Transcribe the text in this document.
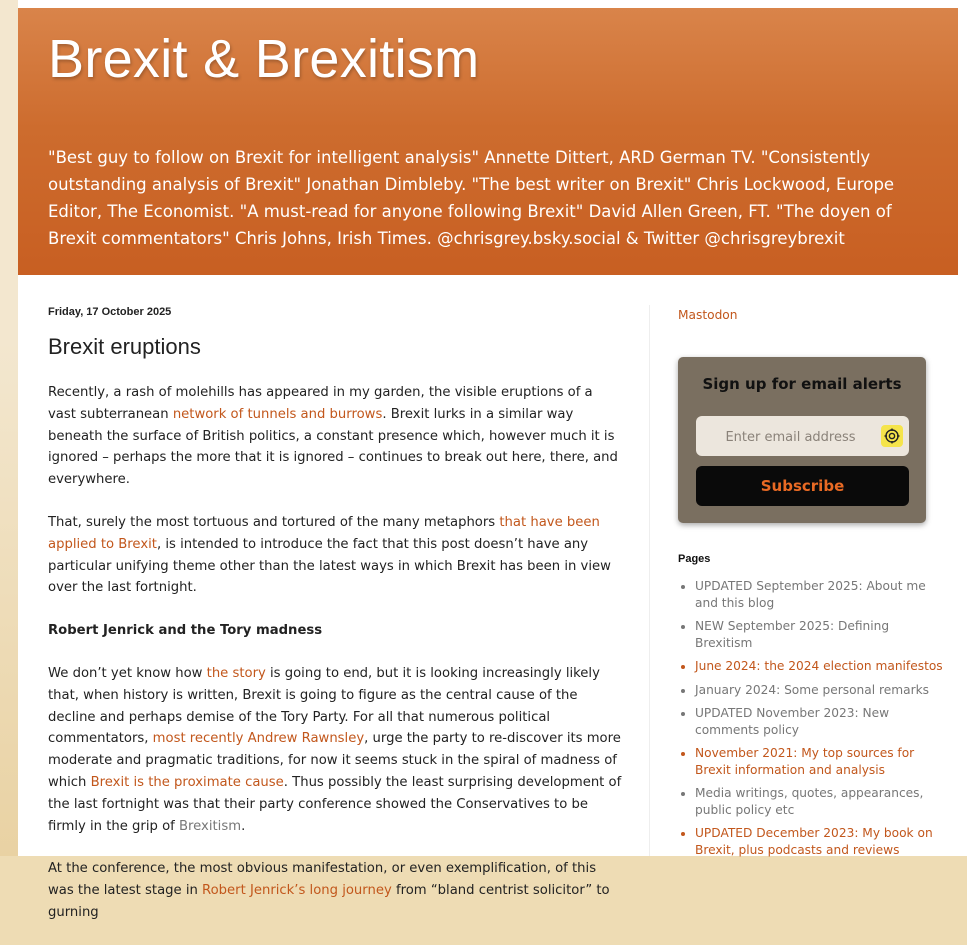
Brexit & Brexitism
"Best guy to follow on Brexit for intelligent analysis" Annette Dittert, ARD German TV. "Consistently outstanding analysis of Brexit" Jonathan Dimbleby. "The best writer on Brexit" Chris Lockwood, Europe Editor, The Economist. "A must-read for anyone following Brexit" David Allen Green, FT. "The doyen of Brexit commentators" Chris Johns, Irish Times. @chrisgrey.bsky.social & Twitter @chrisgreybrexit
Friday, 17 October 2025
Brexit eruptions

Recently, a rash of molehills has appeared in my garden, the visible eruptions of a vast subterranean network of tunnels and burrows. Brexit lurks in a similar way beneath the surface of British politics, a constant presence which, however much it is ignored – perhaps the more that it is ignored – continues to break out here, there, and everywhere.

That, surely the most tortuous and tortured of the many metaphors that have been applied to Brexit, is intended to introduce the fact that this post doesn’t have any particular unifying theme other than the latest ways in which Brexit has been in view over the last fortnight.

Robert Jenrick and the Tory madness

We don’t yet know how the story is going to end, but it is looking increasingly likely that, when history is written, Brexit is going to figure as the central cause of the decline and perhaps demise of the Tory Party. For all that numerous political commentators, most recently Andrew Rawnsley, urge the party to re-discover its more moderate and pragmatic traditions, for now it seems stuck in the spiral of madness of which Brexit is the proximate cause. Thus possibly the least surprising development of the last fortnight was that their party conference showed the Conservatives to be firmly in the grip of Brexitism.

At the conference, the most obvious manifestation, or even exemplification, of this was the latest stage in Robert Jenrick’s long journey from “bland centrist solicitor” to gurning

Mastodon
Sign up for email alerts
Enter email address
Subscribe
Pages
• UPDATED September 2025: About me and this blog
• NEW September 2025: Defining Brexitism
• June 2024: the 2024 election manifestos
• January 2024: Some personal remarks
• UPDATED November 2023: New comments policy
• November 2021: My top sources for Brexit information and analysis
• Media writings, quotes, appearances, public policy etc
• UPDATED December 2023: My book on Brexit, plus podcasts and reviews
